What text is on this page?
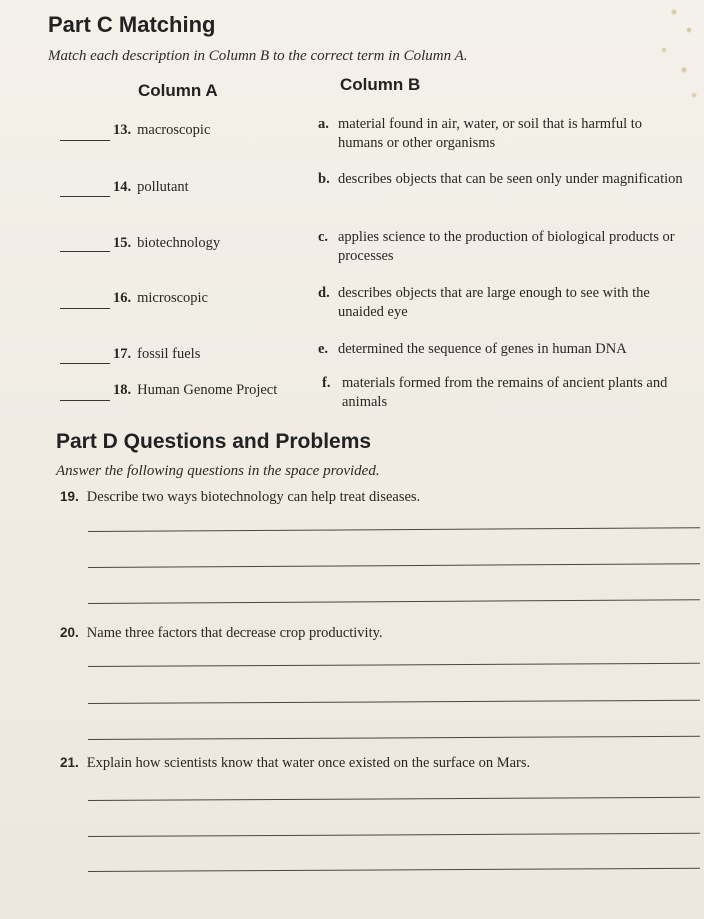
Part C Matching
Match each description in Column B to the correct term in Column A.
Column A	Column B
13. macroscopic	a. material found in air, water, or soil that is harmful to humans or other organisms
14. pollutant	b. describes objects that can be seen only under magnification
15. biotechnology	c. applies science to the production of biological products or processes
16. microscopic	d. describes objects that are large enough to see with the unaided eye
17. fossil fuels	e. determined the sequence of genes in human DNA
18. Human Genome Project	f. materials formed from the remains of ancient plants and animals
Part D Questions and Problems
Answer the following questions in the space provided.
19. Describe two ways biotechnology can help treat diseases.
20. Name three factors that decrease crop productivity.
21. Explain how scientists know that water once existed on the surface on Mars.
